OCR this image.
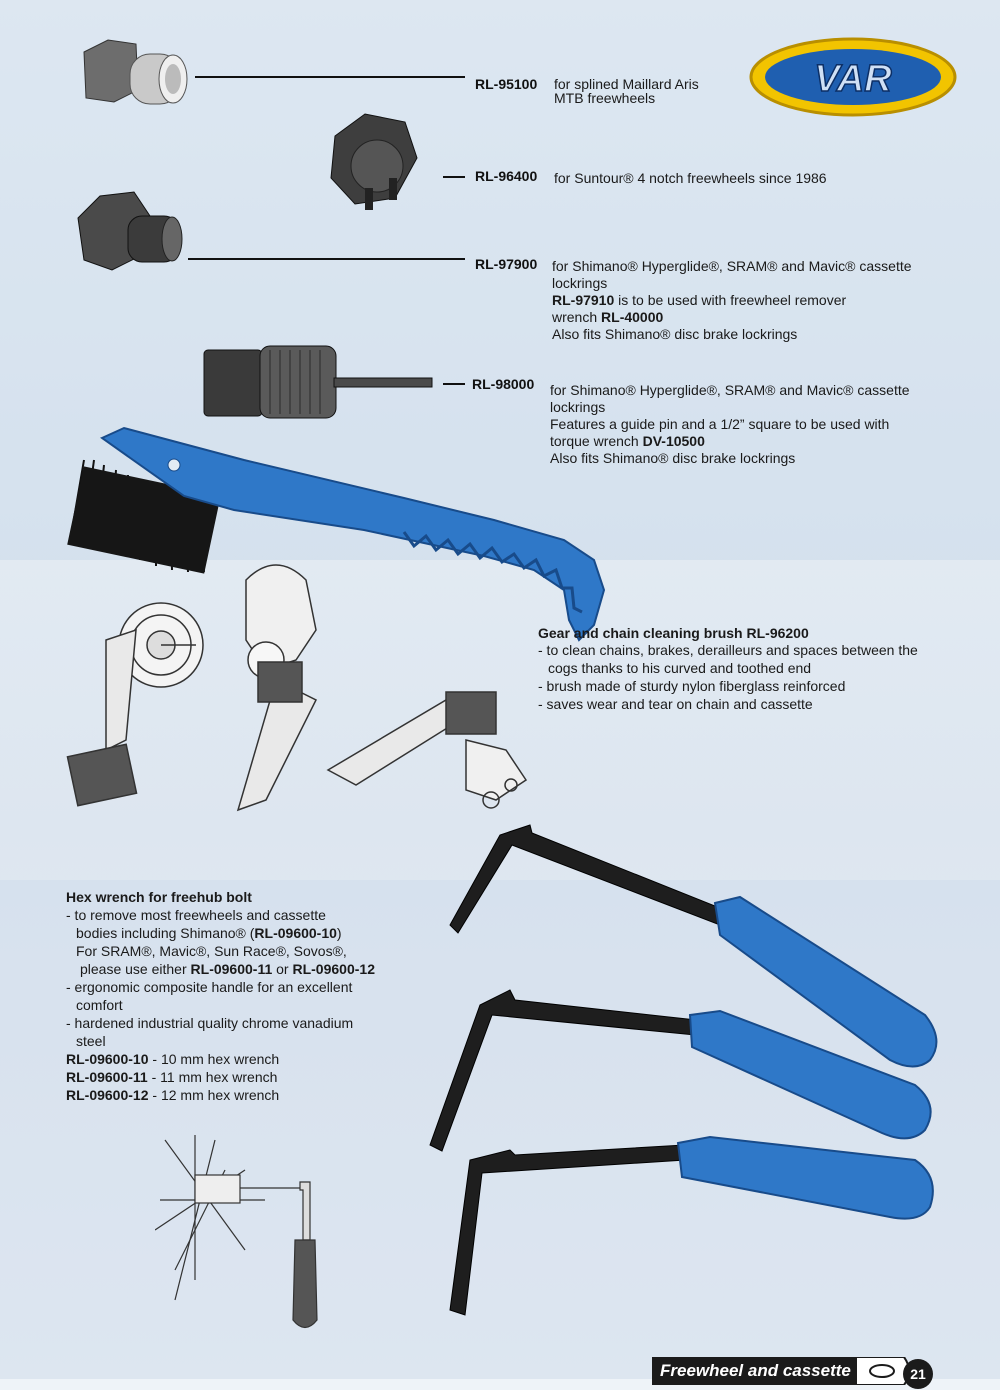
VAR
RL-95100 for splined Maillard Aris
MTB freewheels
RL-96400 for Suntour® 4 notch freewheels since 1986
RL-97900 for Shimano® Hyperglide®, SRAM® and Mavic® cassette
lockrings
RL-97910 is to be used with freewheel remover
wrench RL-40000
Also fits Shimano® disc brake lockrings
RL-98000 for Shimano® Hyperglide®, SRAM® and Mavic® cassette
lockrings
Features a guide pin and a 1/2” square to be used with
torque wrench DV-10500
Also fits Shimano® disc brake lockrings
Gear and chain cleaning brush RL-96200
- to clean chains, brakes, derailleurs and spaces between the
cogs thanks to his curved and toothed end
- brush made of sturdy nylon fiberglass reinforced
- saves wear and tear on chain and cassette
Hex wrench for freehub bolt
- to remove most freewheels and cassette
bodies including Shimano® (RL-09600-10)
For SRAM®, Mavic®, Sun Race®, Sovos®,
please use either RL-09600-11 or RL-09600-12
- ergonomic composite handle for an excellent
comfort
- hardened industrial quality chrome vanadium
steel
RL-09600-10 - 10 mm hex wrench
RL-09600-11 - 11 mm hex wrench
RL-09600-12 - 12 mm hex wrench
Freewheel and cassette	21
